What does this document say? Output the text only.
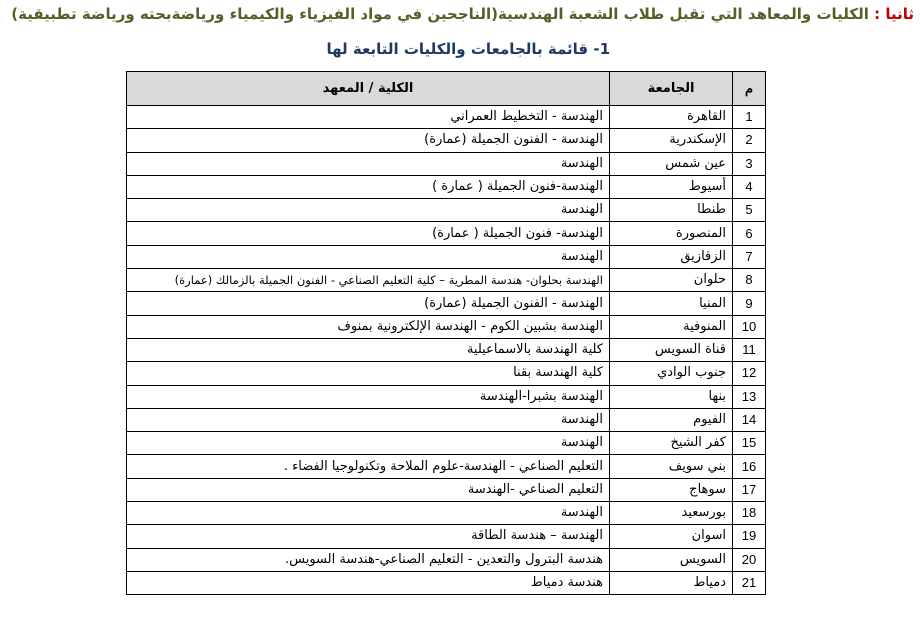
ثانيا : الكليات والمعاهد التي تقبل طلاب الشعبة الهندسية(الناجحين في مواد الفيزياء والكيمياء ورياضةبحته ورياضة تطبيقية)
1- قائمة بالجامعات والكليات التابعة لها
م	الجامعة	الكلية / المعهد
1	القاهرة	الهندسة - التخطيط العمراني
2	الإسكندرية	الهندسة - الفنون الجميلة (عمارة)
3	عين شمس	الهندسة
4	أسيوط	الهندسة-فنون الجميلة ( عمارة )
5	طنطا	الهندسة
6	المنصورة	الهندسة- فنون الجميلة ( عمارة)
7	الزقازيق	الهندسة
8	حلوان	الهندسة بحلوان- هندسة المطرية – كلية التعليم الصناعي - الفنون الجميلة بالزمالك (عمارة)
9	المنيا	الهندسة - الفنون الجميلة (عمارة)
10	المنوفية	الهندسة بشبين الكوم - الهندسة الإلكترونية بمنوف
11	قناة السويس	كلية الهندسة بالاسماعيلية
12	جنوب الوادي	كلية الهندسة بقنا
13	بنها	الهندسة بشبرا-الهندسة
14	الفيوم	الهندسة
15	كفر الشيخ	الهندسة
16	بني سويف	التعليم الصناعي - الهندسة-علوم الملاحة وتكنولوجيا الفضاء .
17	سوهاج	التعليم الصناعي -الهندسة
18	بورسعيد	الهندسة
19	اسوان	الهندسة – هندسة الطاقة
20	السويس	هندسة البترول والتعدين - التعليم الصناعي-هندسة السويس.
21	دمياط	هندسة دمياط
